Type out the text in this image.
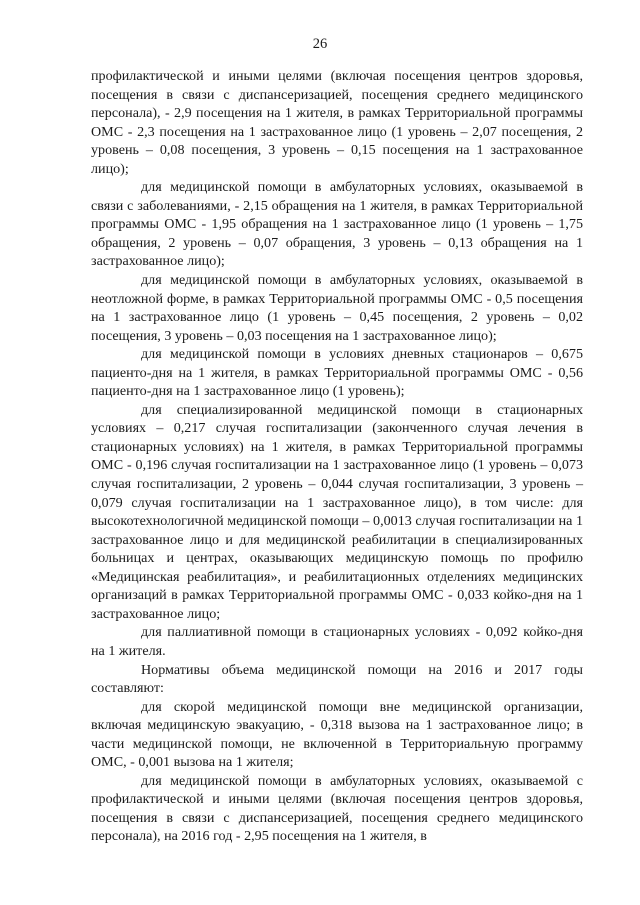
26

профилактической и иными целями (включая посещения центров здоровья, посещения в связи с диспансеризацией, посещения среднего медицинского персонала), - 2,9 посещения на 1 жителя, в рамках Территориальной программы ОМС - 2,3 посещения на 1 застрахованное лицо (1 уровень – 2,07 посещения, 2 уровень – 0,08 посещения, 3 уровень – 0,15 посещения на 1 застрахованное лицо);

для медицинской помощи в амбулаторных условиях, оказываемой в связи с заболеваниями, - 2,15 обращения на 1 жителя, в рамках Территориальной программы ОМС - 1,95 обращения на 1 застрахованное лицо (1 уровень – 1,75 обращения, 2 уровень – 0,07 обращения, 3 уровень – 0,13 обращения на 1 застрахованное лицо);

для медицинской помощи в амбулаторных условиях, оказываемой в неотложной форме, в рамках Территориальной программы ОМС - 0,5 посещения на 1 застрахованное лицо (1 уровень – 0,45 посещения, 2 уровень – 0,02 посещения, 3 уровень – 0,03 посещения на 1 застрахованное лицо);

для медицинской помощи в условиях дневных стационаров – 0,675 пациенто-дня на 1 жителя, в рамках Территориальной программы ОМС - 0,56 пациенто-дня на 1 застрахованное лицо (1 уровень);

для специализированной медицинской помощи в стационарных условиях – 0,217 случая госпитализации (законченного случая лечения в стационарных условиях) на 1 жителя, в рамках Территориальной программы ОМС - 0,196 случая госпитализации на 1 застрахованное лицо (1 уровень – 0,073 случая госпитализации, 2 уровень – 0,044 случая госпитализации, 3 уровень – 0,079 случая госпитализации на 1 застрахованное лицо), в том числе: для высокотехнологичной медицинской помощи – 0,0013 случая госпитализации на 1 застрахованное лицо и для медицинской реабилитации в специализированных больницах и центрах, оказывающих медицинскую помощь по профилю «Медицинская реабилитация», и реабилитационных отделениях медицинских организаций в рамках Территориальной программы ОМС - 0,033 койко-дня на 1 застрахованное лицо;

для паллиативной помощи в стационарных условиях - 0,092 койко-дня на 1 жителя.

Нормативы объема медицинской помощи на 2016 и 2017 годы составляют:

для скорой медицинской помощи вне медицинской организации, включая медицинскую эвакуацию, - 0,318 вызова на 1 застрахованное лицо; в части медицинской помощи, не включенной в Территориальную программу ОМС, - 0,001 вызова на 1 жителя;

для медицинской помощи в амбулаторных условиях, оказываемой с профилактической и иными целями (включая посещения центров здоровья, посещения в связи с диспансеризацией, посещения среднего медицинского персонала), на 2016 год - 2,95 посещения на 1 жителя, в
